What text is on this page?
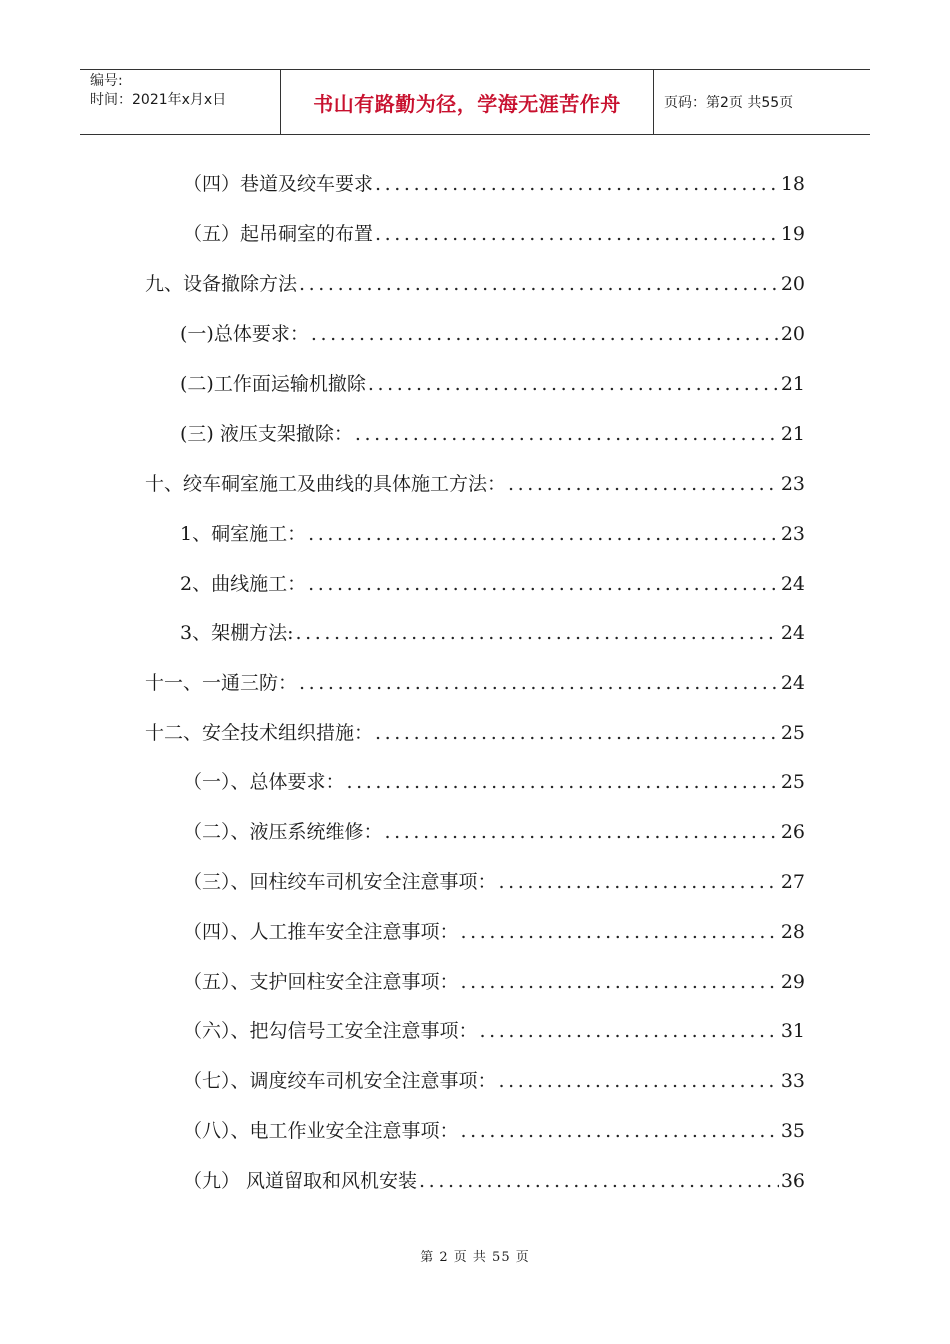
编号:
时间：2021年x月x日	书山有路勤为径，学海无涯苦作舟	页码：第2页 共55页
（四）巷道及绞车要求 .....	18
（五）起吊硐室的布置 .....	19
九、设备撤除方法 .....	20
(一)总体要求： .....	20
(二)工作面运输机撤除 .....	21
(三) 液压支架撤除： .....	21
十、绞车硐室施工及曲线的具体施工方法： .....	23
1、硐室施工： .....	23
2、曲线施工： .....	24
3、架棚方法: .....	24
十一、一通三防： .....	24
十二、安全技术组织措施： .....	25
（一）、总体要求： .....	25
（二）、液压系统维修： .....	26
（三）、回柱绞车司机安全注意事项： .....	27
（四）、人工推车安全注意事项： .....	28
（五）、支护回柱安全注意事项： .....	29
（六）、把勾信号工安全注意事项： .....	31
（七）、调度绞车司机安全注意事项： .....	33
（八）、电工作业安全注意事项： .....	35
（九） 风道留取和风机安装 .....	36
第 2 页 共 55 页
